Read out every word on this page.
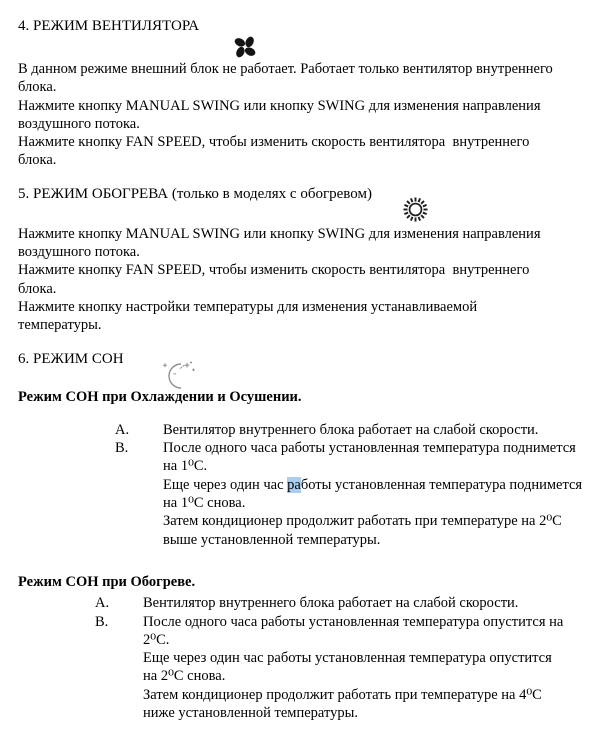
4. РЕЖИМ ВЕНТИЛЯТОРА

В данном режиме внешний блок не работает. Работает только вентилятор внутреннего
блока.
Нажмите кнопку MANUAL SWING или кнопку SWING для изменения направления
воздушного потока.
Нажмите кнопку FAN SPEED, чтобы изменить скорость вентилятора  внутреннего
блока.
5. РЕЖИМ ОБОГРЕВА (только в моделях с обогревом)

Нажмите кнопку MANUAL SWING или кнопку SWING для изменения направления
воздушного потока.
Нажмите кнопку FAN SPEED, чтобы изменить скорость вентилятора  внутреннего
блока.
Нажмите кнопку настройки температуры для изменения устанавливаемой
температуры.
6. РЕЖИМ СОН

Режим СОН при Охлаждении и Осушении.
A.	Вентилятор внутреннего блока работает на слабой скорости.
B.	После одного часа работы установленная температура поднимется
на 1⁰С.
Еще через один час работы установленная температура поднимется
на 1⁰С снова.
Затем кондиционер продолжит работать при температуре на 2⁰С
выше установленной температуры.
Режим СОН при Обогреве.
A.	Вентилятор внутреннего блока работает на слабой скорости.
B.	После одного часа работы установленная температура опустится на
2⁰С.
Еще через один час работы установленная температура опустится
на 2⁰С снова.
Затем кондиционер продолжит работать при температуре на 4⁰С
ниже установленной температуры.
